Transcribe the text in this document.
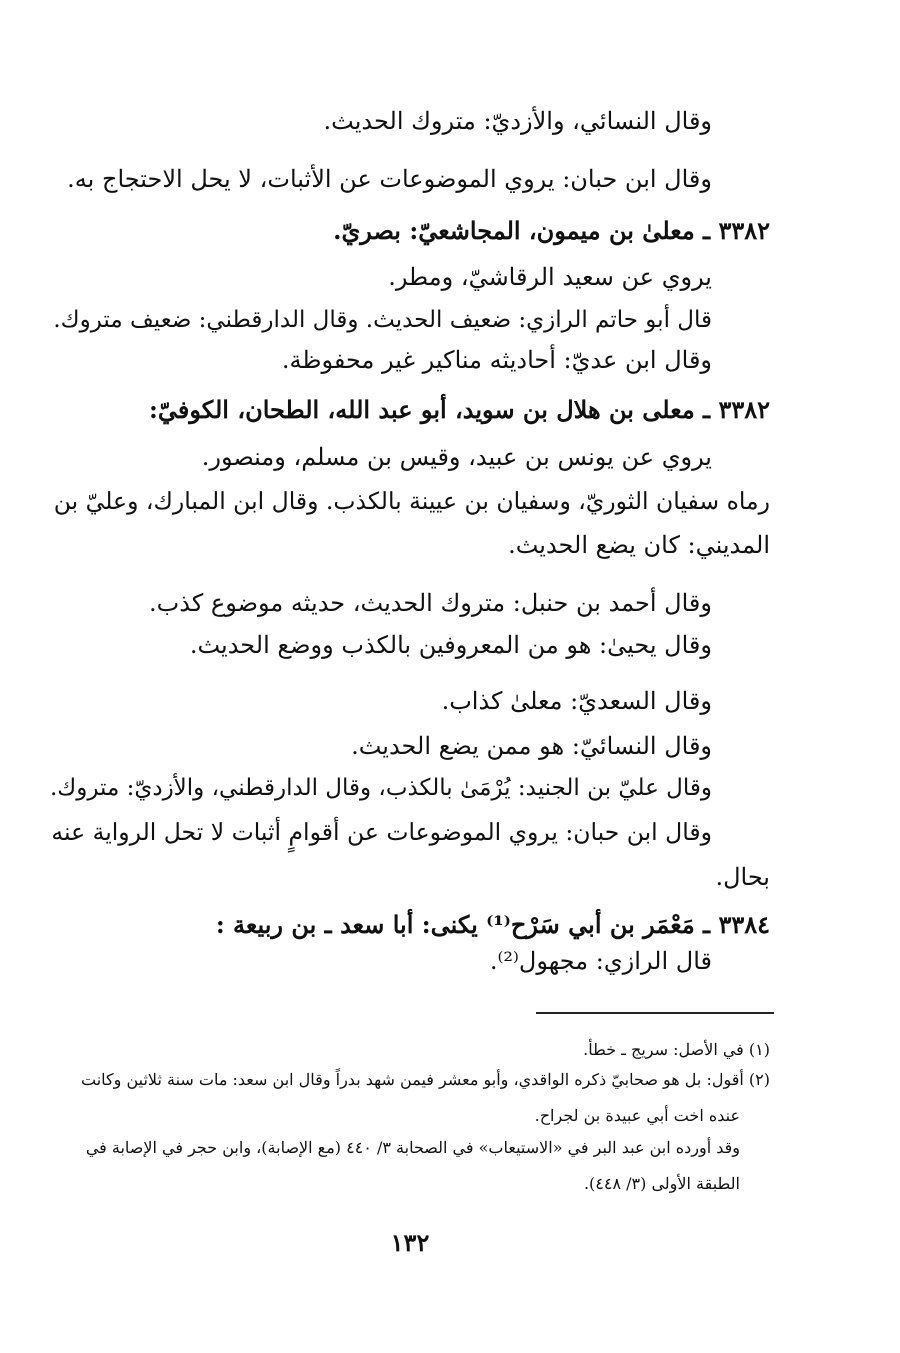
وقال النسائي، والأزديّ: متروك الحديث.
وقال ابن حبان: يروي الموضوعات عن الأثبات، لا يحل الاحتجاج به.
٣٣٨٢ ـ معلىٰ بن ميمون، المجاشعيّ: بصريّ.
يروي عن سعيد الرقاشيّ، ومطر.
قال أبو حاتم الرازي: ضعيف الحديث. وقال الدارقطني: ضعيف متروك.
وقال ابن عديّ: أحاديثه مناكير غير محفوظة.
٣٣٨٢ ـ معلى بن هلال بن سويد، أبو عبد الله، الطحان، الكوفيّ:
يروي عن يونس بن عبيد، وقيس بن مسلم، ومنصور.
رماه سفيان الثوريّ، وسفيان بن عيينة بالكذب. وقال ابن المبارك، وعليّ بن
المديني: كان يضع الحديث.
وقال أحمد بن حنبل: متروك الحديث، حديثه موضوع كذب.
وقال يحيىٰ: هو من المعروفين بالكذب ووضع الحديث.
وقال السعديّ: معلىٰ كذاب.
وقال النسائيّ: هو ممن يضع الحديث.
وقال عليّ بن الجنيد: يُرْمَىٰ بالكذب، وقال الدارقطني، والأزديّ: متروك.
وقال ابن حبان: يروي الموضوعات عن أقوامٍ أثبات لا تحل الرواية عنه
بحال.
٣٣٨٤ ـ مَعْمَر بن أبي سَرْح⁽¹⁾ يكنى: أبا سعد ـ بن ربيعة :
قال الرازي: مجهول⁽²⁾.
(١) في الأصل: سريج ـ خطأ.
(٢) أقول: بل هو صحابيّ ذكره الواقدي، وأبو معشر فيمن شهد بدراً وقال ابن سعد: مات سنة ثلاثين وكانت
عنده اخت أبي عبيدة بن لجراح.
وقد أورده ابن عبد البر في «الاستيعاب» في الصحابة ٣/ ٤٤٠ (مع الإصابة)، وابن حجر في الإصابة في
الطبقة الأولى (٣/ ٤٤٨).
١٣٢
